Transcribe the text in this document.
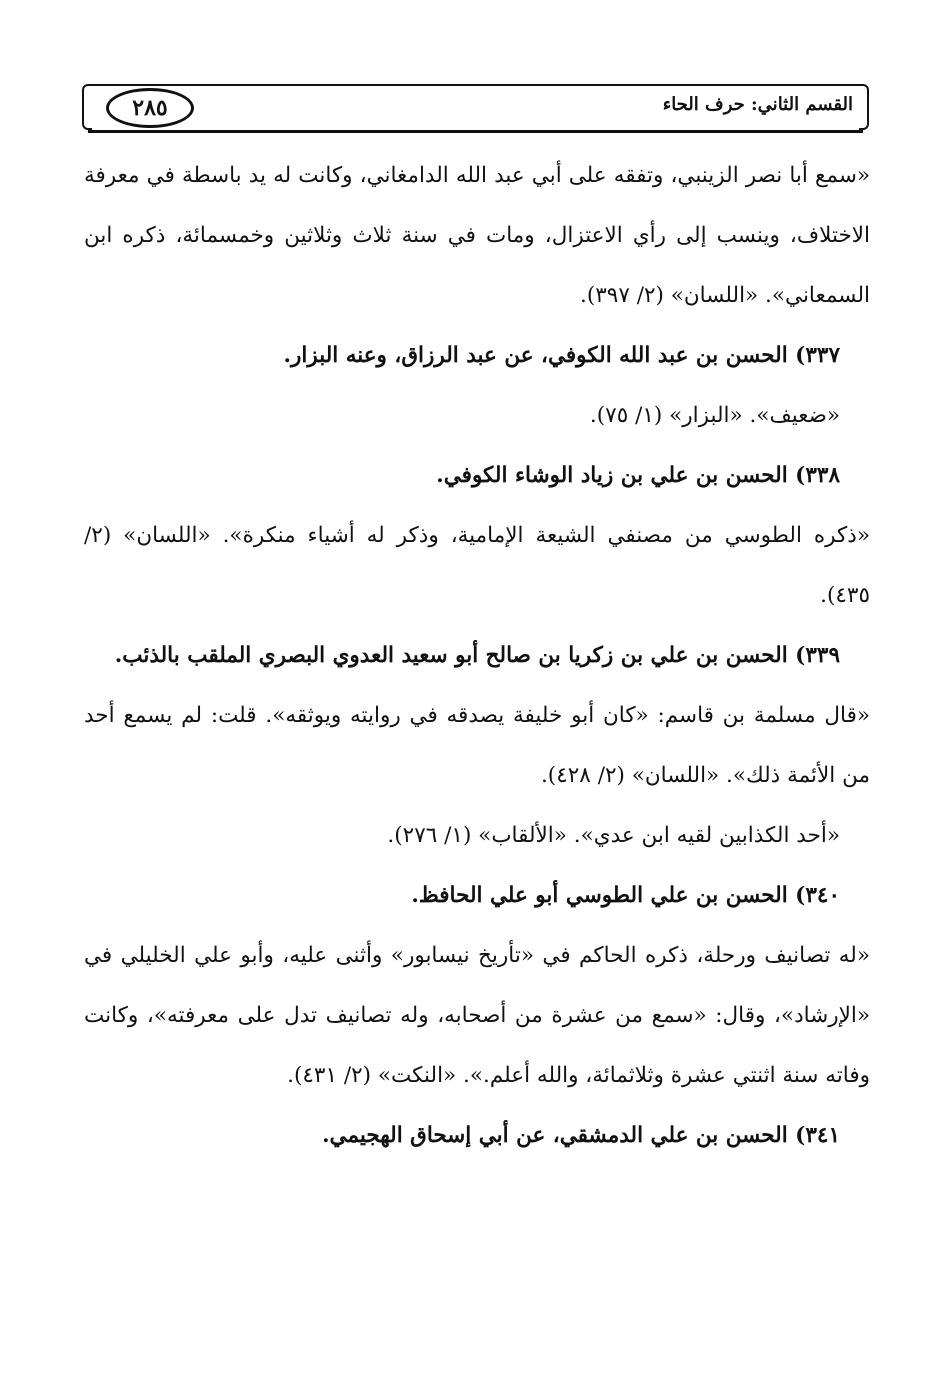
القسم الثاني: حرف الحاء
٢٨٥

«سمع أبا نصر الزينبي، وتفقه على أبي عبد الله الدامغاني، وكانت له يد باسطة في معرفة الاختلاف، وينسب إلى رأي الاعتزال، ومات في سنة ثلاث وثلاثين وخمسمائة، ذكره ابن السمعاني». «اللسان» (٢/ ٣٩٧).

٣٣٧) الحسن بن عبد الله الكوفي، عن عبد الرزاق، وعنه البزار.

«ضعيف». «البزار» (١/ ٧٥).

٣٣٨) الحسن بن علي بن زياد الوشاء الكوفي.

«ذكره الطوسي من مصنفي الشيعة الإمامية، وذكر له أشياء منكرة». «اللسان» (٢/ ٤٣٥).

٣٣٩) الحسن بن علي بن زكريا بن صالح أبو سعيد العدوي البصري الملقب بالذئب.

«قال مسلمة بن قاسم: «كان أبو خليفة يصدقه في روايته ويوثقه». قلت: لم يسمع أحد من الأئمة ذلك». «اللسان» (٢/ ٤٢٨).

«أحد الكذابين لقيه ابن عدي». «الألقاب» (١/ ٢٧٦).

٣٤٠) الحسن بن علي الطوسي أبو علي الحافظ.

«له تصانيف ورحلة، ذكره الحاكم في «تأريخ نيسابور» وأثنى عليه، وأبو علي الخليلي في «الإرشاد»، وقال: «سمع من عشرة من أصحابه، وله تصانيف تدل على معرفته»، وكانت وفاته سنة اثنتي عشرة وثلاثمائة، والله أعلم.». «النكت» (٢/ ٤٣١).

٣٤١) الحسن بن علي الدمشقي، عن أبي إسحاق الهجيمي.
